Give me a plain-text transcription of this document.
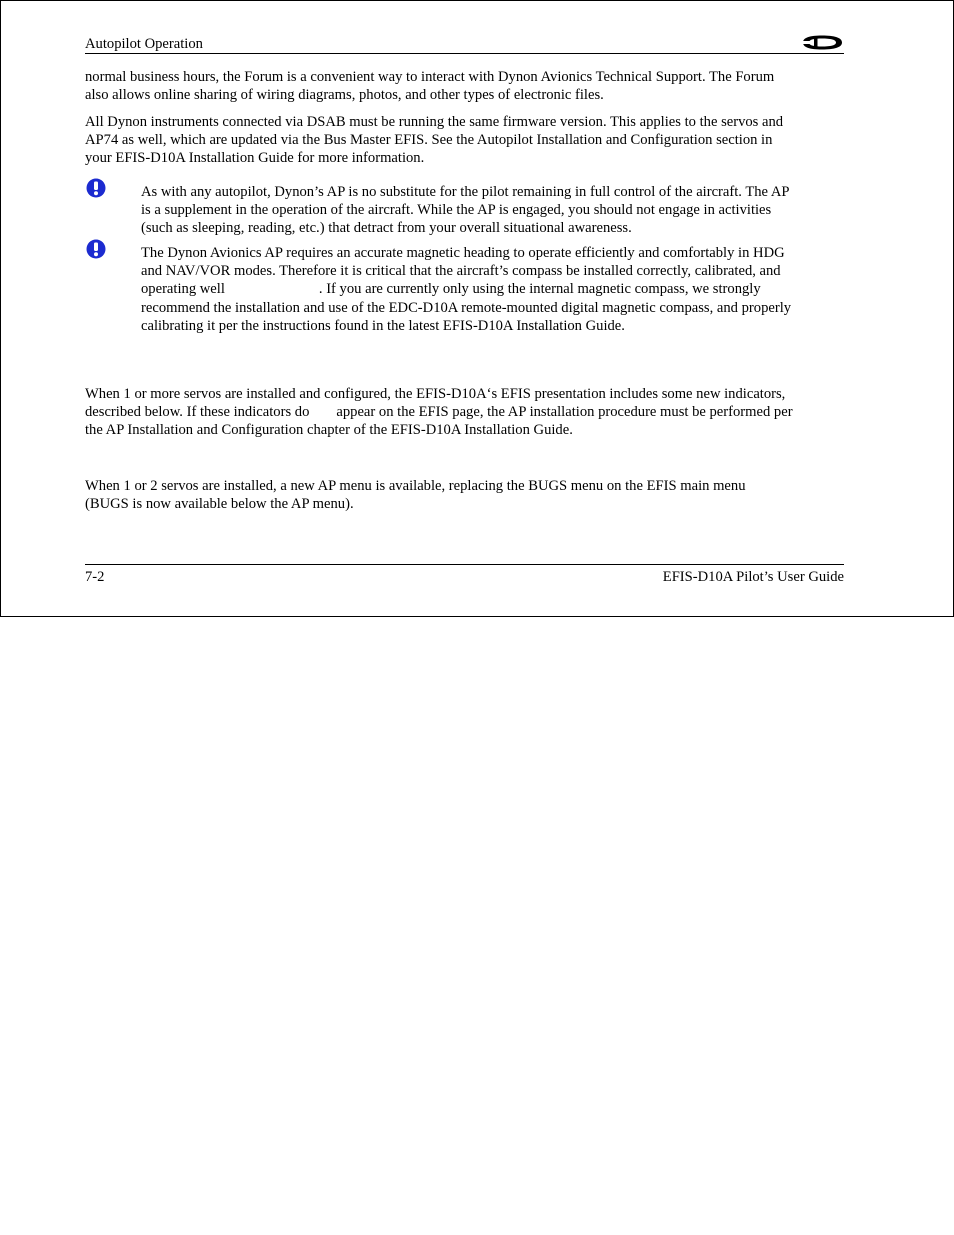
Autopilot Operation

normal business hours, the Forum is a convenient way to interact with Dynon Avionics Technical Support. The Forum
also allows online sharing of wiring diagrams, photos, and other types of electronic files.

All Dynon instruments connected via DSAB must be running the same firmware version. This applies to the servos and
AP74 as well, which are updated via the Bus Master EFIS. See the Autopilot Installation and Configuration section in
your EFIS-D10A Installation Guide for more information.

As with any autopilot, Dynon’s AP is no substitute for the pilot remaining in full control of the aircraft. The AP
is a supplement in the operation of the aircraft. While the AP is engaged, you should not engage in activities
(such as sleeping, reading, etc.) that detract from your overall situational awareness.

The Dynon Avionics AP requires an accurate magnetic heading to operate efficiently and comfortably in HDG
and NAV/VOR modes. Therefore it is critical that the aircraft’s compass be installed correctly, calibrated, and
operating well	. If you are currently only using the internal magnetic compass, we strongly
recommend the installation and use of the EDC-D10A remote-mounted digital magnetic compass, and properly
calibrating it per the instructions found in the latest EFIS-D10A Installation Guide.

When 1 or more servos are installed and configured, the EFIS-D10A‘s EFIS presentation includes some new indicators,
described below. If these indicators do appear on the EFIS page, the AP installation procedure must be performed per
the AP Installation and Configuration chapter of the EFIS-D10A Installation Guide.

When 1 or 2 servos are installed, a new AP menu is available, replacing the BUGS menu on the EFIS main menu
(BUGS is now available below the AP menu).

7-2	EFIS-D10A Pilot’s User Guide
